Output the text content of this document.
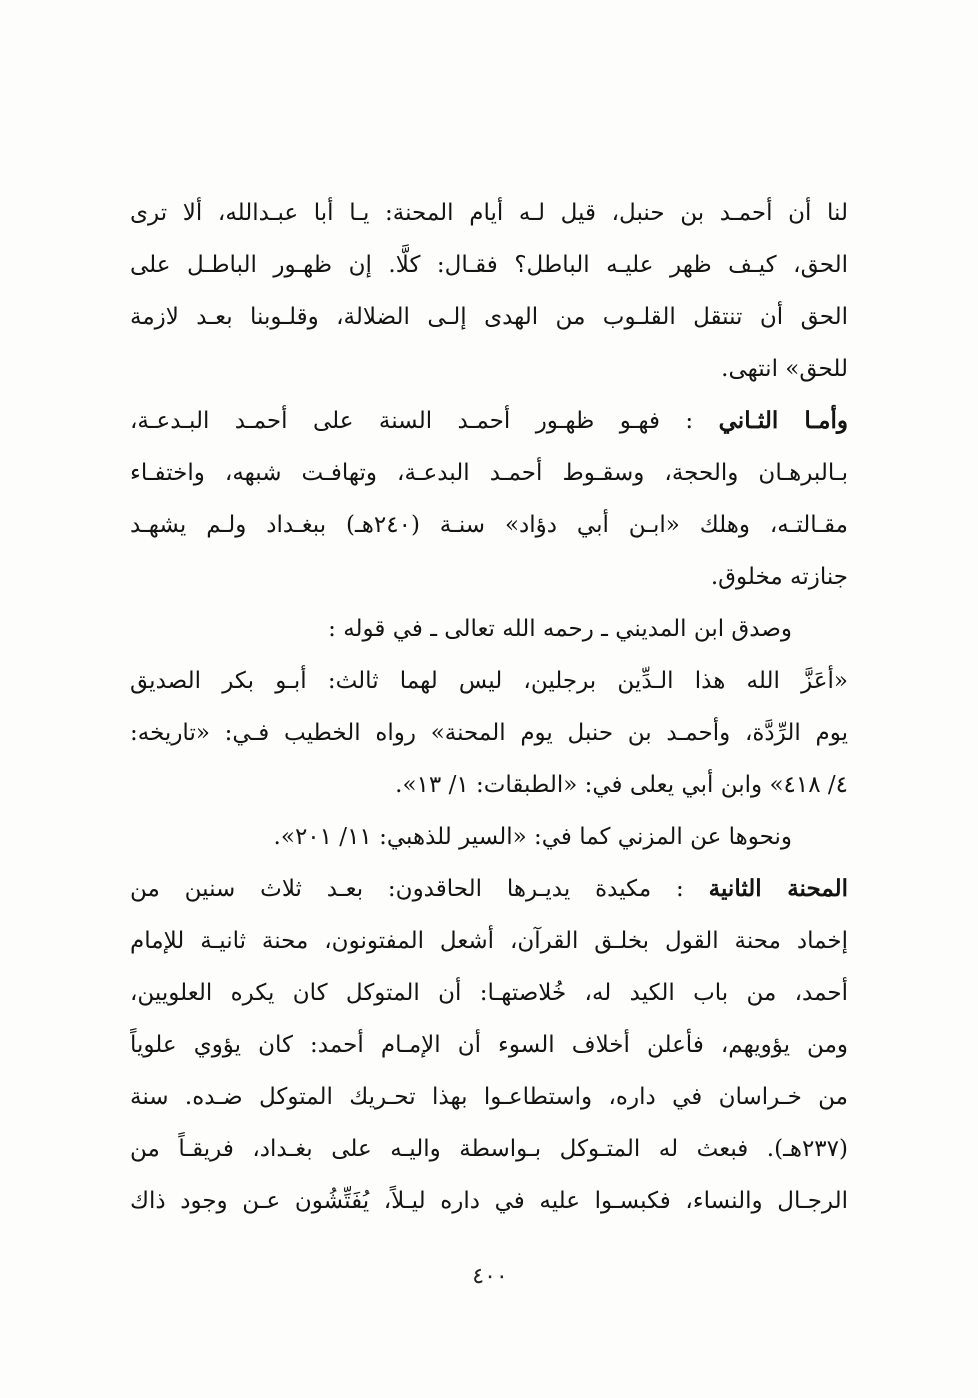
لنا أن أحمـد بن حنبل، قيل لـه أيام المحنة: يـا أبا عبـدالله، ألا ترى
الحق، كيـف ظهر عليـه الباطل؟ فقـال: كلَّا. إن ظهـور الباطـل على
الحق أن تنتقل القلـوب من الهدى إلـى الضلالة، وقلـوبنا بعـد لازمة
للحق» انتهى.
وأمـا الثـاني : فهـو ظهـور أحمـد السنة على أحمـد البـدعـة،
بـالبرهـان والحجة، وسقـوط أحمـد البدعـة، وتهافـت شبهه، واختفـاء
مقـالتـه، وهلك «ابـن أبي دؤاد» سنـة (٢٤٠هـ) ببغـداد ولـم يشهـد
جنازته مخلوق.
وصدق ابن المديني ـ رحمه الله تعالى ـ في قوله :
«أعَزَّ الله هذا الـدِّين برجلين، ليس لهما ثالث: أبـو بكر الصديق
يوم الرِّدَّة، وأحمـد بن حنبل يوم المحنة» رواه الخطيب فـي: «تاريخه:
٤/ ٤١٨» وابن أبي يعلى في: «الطبقات: ١/ ١٣».
ونحوها عن المزني كما في: «السير للذهبي: ١١/ ٢٠١».
المحنة الثانية : مكيدة يديـرها الحاقدون: بعـد ثلاث سنين من
إخماد محنة القول بخلـق القرآن، أشعل المفتونون، محنة ثانيـة للإمام
أحمد، من باب الكيد له، خُلاصتهـا: أن المتوكل كان يكره العلويين،
ومن يؤويهم، فأعلن أخلاف السوء أن الإمـام أحمد: كان يؤوي علوياً
من خـراسان في داره، واستطاعـوا بهذا تحـريك المتوكل ضـده. سنة
(٢٣٧هـ). فبعث له المتـوكل بـواسطة واليـه على بغـداد، فريقـاً من
الرجـال والنساء، فكبسـوا عليه في داره ليـلاً، يُفَتِّشُون عـن وجود ذاك
٤٠٠
